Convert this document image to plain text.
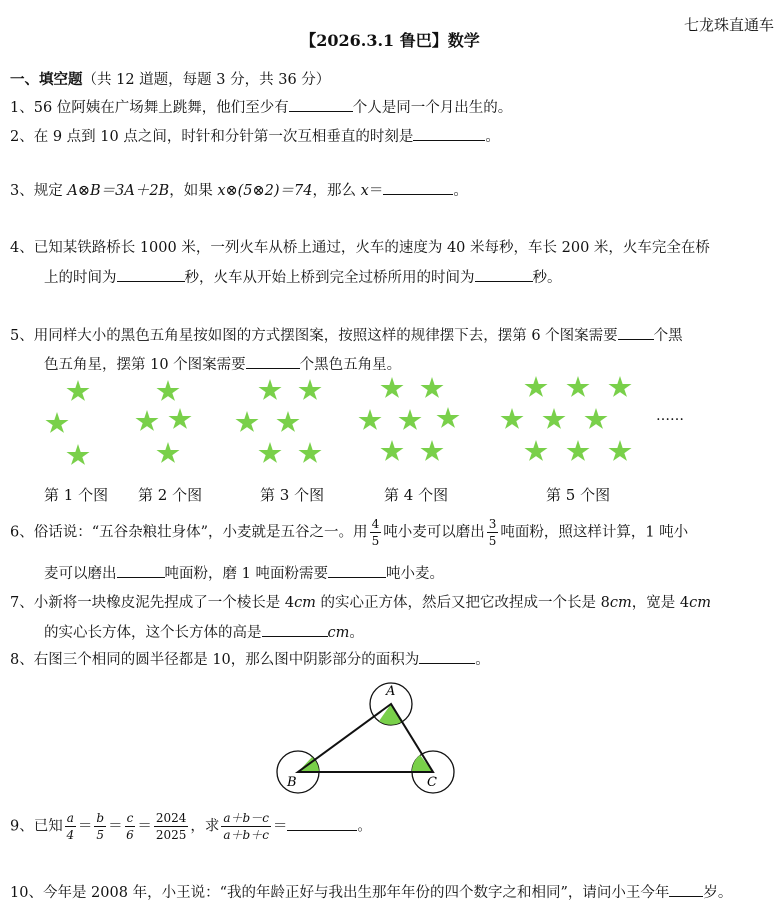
【2026.3.1 鲁巴】数学
七龙珠直通车
一、填空题（共 12 道题，每题 3 分，共 36 分）
1、56 位阿姨在广场舞上跳舞，他们至少有	个人是同一个月出生的。
2、在 9 点到 10 点之间，时针和分针第一次互相垂直的时刻是	。
3、规定 A⊗B＝3A＋2B，如果 x⊗(5⊗2)＝74，那么 x＝	。
4、已知某铁路桥长 1000 米，一列火车从桥上通过，火车的速度为 40 米每秒，车长 200 米，火车完全在桥
上的时间为	秒，火车从开始上桥到完全过桥所用的时间为	秒。
5、用同样大小的黑色五角星按如图的方式摆图案，按照这样的规律摆下去，摆第 6 个图案需要 个黑
色五角星，摆第 10 个图案需要	个黑色五角星。
……
第 1 个图 第 2 个图	第 3 个图	第 4 个图	第 5 个图
6、俗话说：“五谷杂粮壮身体”，小麦就是五谷之一。用 $\frac{4}{5}$ 吨小麦可以磨出 $\frac{3}{5}$ 吨面粉，照这样计算，1 吨小
麦可以磨出	吨面粉，磨 1 吨面粉需要	吨小麦。
7、小新将一块橡皮泥先捏成了一个棱长是 4cm 的实心正方体，然后又把它改捏成一个长是 8cm，宽是 4cm
的实心长方体，这个长方体的高是	cm。
8、右图三个相同的圆半径都是 10，那么图中阴影部分的面积为	。
A
B	C
9、已知 $\frac{a}{4} = \frac{b}{5} = \frac{c}{6} = \frac{2024}{2025}$ ，求 $\frac{a+b-c}{a+b+c}$ ＝	。
10、今年是 2008 年，小王说：“我的年龄正好与我出生那年年份的四个数字之和相同”，请问小王今年 岁。
